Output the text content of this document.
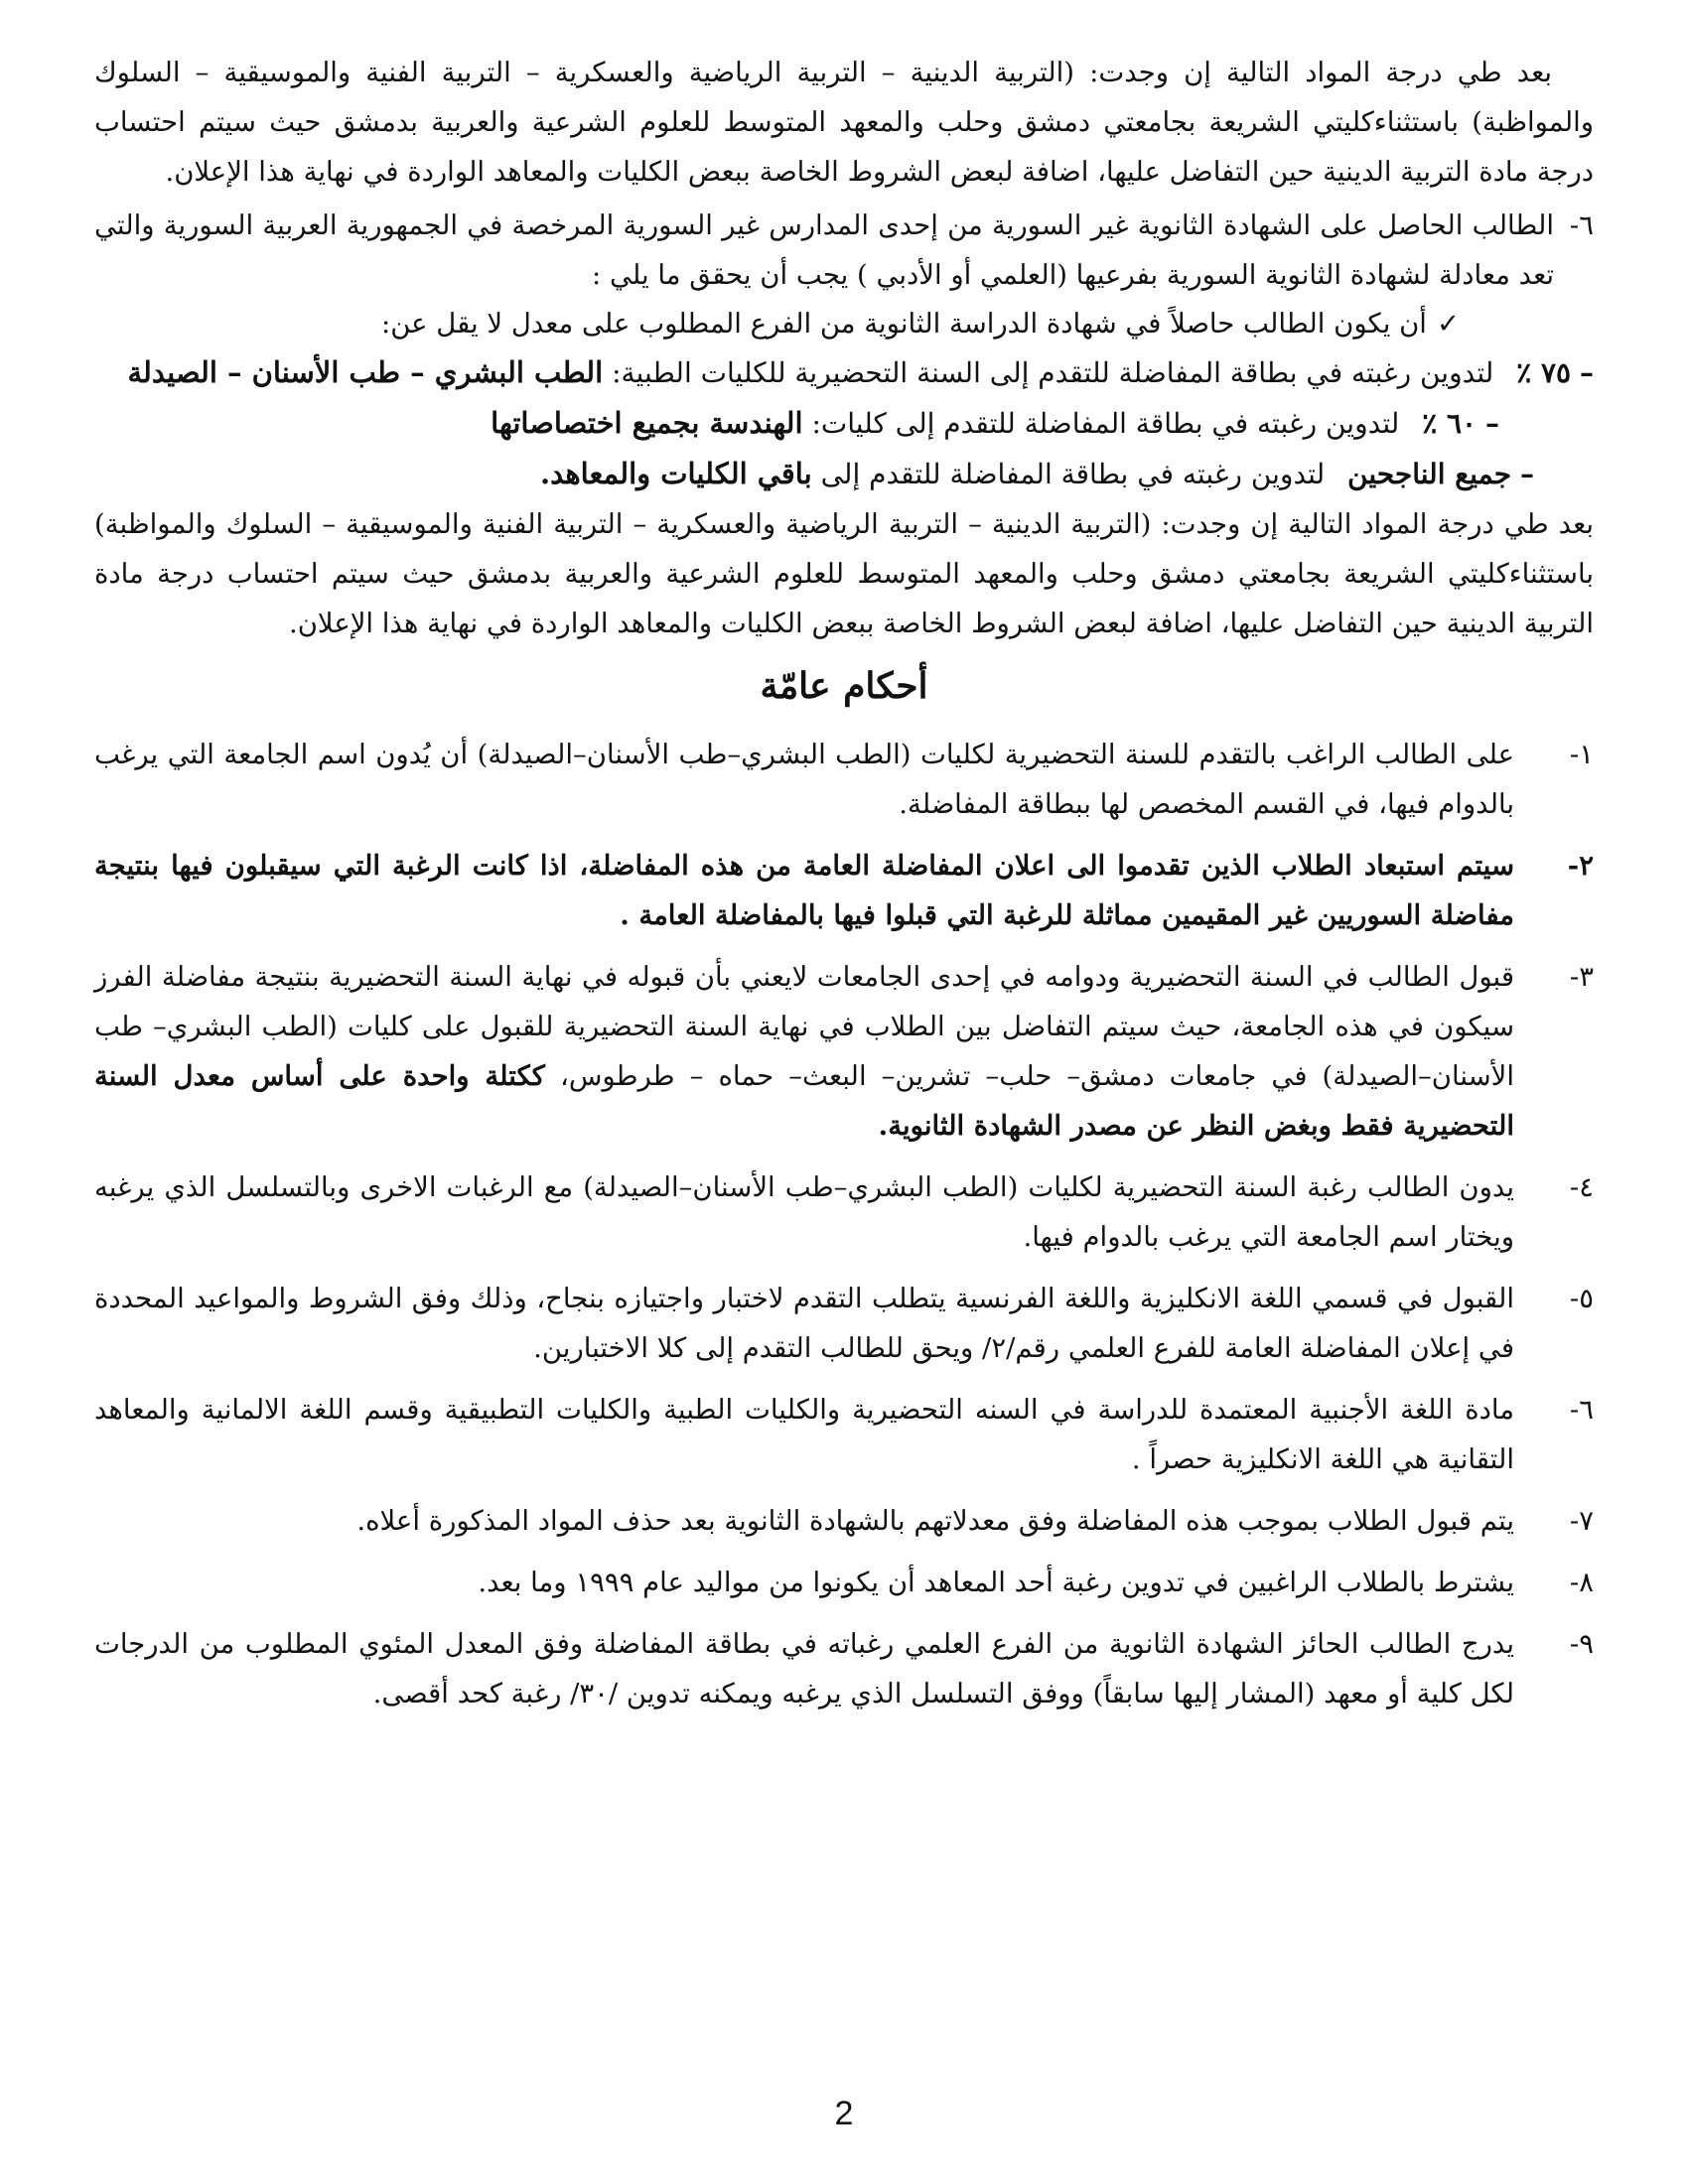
بعد طي درجة المواد التالية إن وجدت: (التربية الدينية – التربية الرياضية والعسكرية – التربية الفنية والموسيقية – السلوك والمواظبة) باستثناءكليتي الشريعة بجامعتي دمشق وحلب والمعهد المتوسط للعلوم الشرعية والعربية بدمشق حيث سيتم احتساب درجة مادة التربية الدينية حين التفاضل عليها، اضافة لبعض الشروط الخاصة ببعض الكليات والمعاهد الواردة في نهاية هذا الإعلان.

٦-

الطالب الحاصل على الشهادة الثانوية غير السورية من إحدى المدارس غير السورية المرخصة في الجمهورية العربية السورية والتي تعد معادلة لشهادة الثانوية السورية بفرعيها (العلمي أو الأدبي ) يجب أن يحقق ما يلي :

✓أن يكون الطالب حاصلاً في شهادة الدراسة الثانوية من الفرع المطلوب على معدل لا يقل عن:

– ٧٥ ٪ لتدوين رغبته في بطاقة المفاضلة للتقدم إلى السنة التحضيرية للكليات الطبية: الطب البشري – طب الأسنان – الصيدلة

– ٦٠ ٪ لتدوين رغبته في بطاقة المفاضلة للتقدم إلى كليات: الهندسة بجميع اختصاصاتها

– جميع الناجحين لتدوين رغبته في بطاقة المفاضلة للتقدم إلى باقي الكليات والمعاهد.

بعد طي درجة المواد التالية إن وجدت: (التربية الدينية – التربية الرياضية والعسكرية – التربية الفنية والموسيقية – السلوك والمواظبة) باستثناءكليتي الشريعة بجامعتي دمشق وحلب والمعهد المتوسط للعلوم الشرعية والعربية بدمشق حيث سيتم احتساب درجة مادة التربية الدينية حين التفاضل عليها، اضافة لبعض الشروط الخاصة ببعض الكليات والمعاهد الواردة في نهاية هذا الإعلان.

أحكام عامّة
١-

على الطالب الراغب بالتقدم للسنة التحضيرية لكليات (الطب البشري–طب الأسنان–الصيدلة) أن يُدون اسم الجامعة التي يرغب بالدوام فيها، في القسم المخصص لها ببطاقة المفاضلة.

٢-

سيتم استبعاد الطلاب الذين تقدموا الى اعلان المفاضلة العامة من هذه المفاضلة، اذا كانت الرغبة التي سيقبلون فيها بنتيجة مفاضلة السوريين غير المقيمين مماثلة للرغبة التي قبلوا فيها بالمفاضلة العامة .

٣-

قبول الطالب في السنة التحضيرية ودوامه في إحدى الجامعات لايعني بأن قبوله في نهاية السنة التحضيرية بنتيجة مفاضلة الفرز سيكون في هذه الجامعة، حيث سيتم التفاضل بين الطلاب في نهاية السنة التحضيرية للقبول على كليات (الطب البشري– طب الأسنان–الصيدلة) في جامعات دمشق– حلب– تشرين– البعث– حماه – طرطوس، ككتلة واحدة على أساس معدل السنة التحضيرية فقط وبغض النظر عن مصدر الشهادة الثانوية.

٤-

يدون الطالب رغبة السنة التحضيرية لكليات (الطب البشري–طب الأسنان–الصيدلة) مع الرغبات الاخرى وبالتسلسل الذي يرغبه ويختار اسم الجامعة التي يرغب بالدوام فيها.

٥-

القبول في قسمي اللغة الانكليزية واللغة الفرنسية يتطلب التقدم لاختبار واجتيازه بنجاح، وذلك وفق الشروط والمواعيد المحددة في إعلان المفاضلة العامة للفرع العلمي رقم/٢/ ويحق للطالب التقدم إلى كلا الاختبارين.

٦-

مادة اللغة الأجنبية المعتمدة للدراسة في السنه التحضيرية والكليات الطبية والكليات التطبيقية وقسم اللغة الالمانية والمعاهد التقانية هي اللغة الانكليزية حصراً .

٧-

يتم قبول الطلاب بموجب هذه المفاضلة وفق معدلاتهم بالشهادة الثانوية بعد حذف المواد المذكورة أعلاه.

٨-

يشترط بالطلاب الراغبين في تدوين رغبة أحد المعاهد أن يكونوا من مواليد عام ١٩٩٩ وما بعد.

٩-

يدرج الطالب الحائز الشهادة الثانوية من الفرع العلمي رغباته في بطاقة المفاضلة وفق المعدل المئوي المطلوب من الدرجات لكل كلية أو معهد (المشار إليها سابقاً) ووفق التسلسل الذي يرغبه ويمكنه تدوين /٣٠/ رغبة كحد أقصى.

2
